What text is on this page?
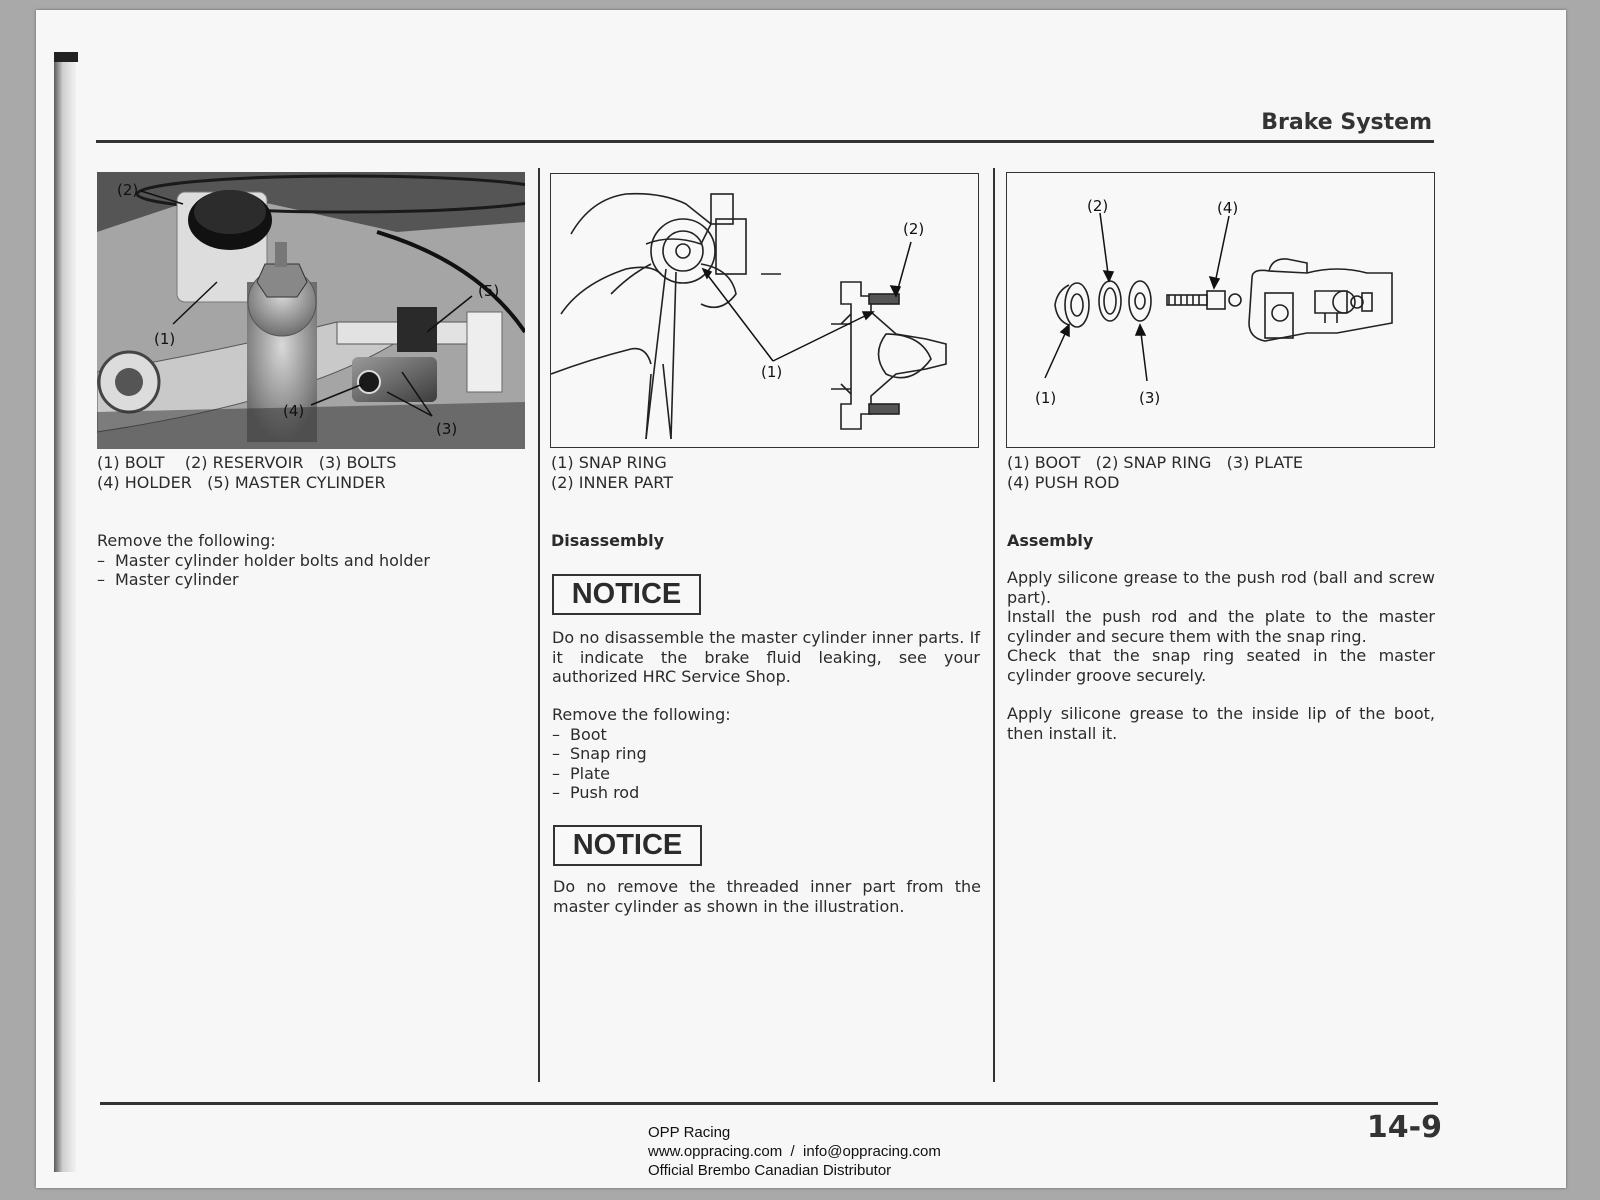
Brake System
(1)
(2)
(3)
(4)
(5)
(1) BOLT    (2) RESERVOIR   (3) BOLTS
(4) HOLDER   (5) MASTER CYLINDER

Remove the following:

– Master cylinder holder bolts and holder
– Master cylinder
(1)
(2)
(1) SNAP RING
(2) INNER PART
Disassembly
NOTICE
Do no disassemble the master cylinder inner parts. If it indicate the brake fluid leaking, see your authorized HRC Service Shop.

Remove the following:

– Boot
– Snap ring
– Plate
– Push rod
NOTICE
Do no remove the threaded inner part from the master cylinder as shown in the illustration.
(1)
(2)
(3)
(4)
(1) BOOT   (2) SNAP RING   (3) PLATE
(4) PUSH ROD
Assembly

Apply silicone grease to the push rod (ball and screw part).

Install the push rod and the plate to the master cylinder and secure them with the snap ring.

Check that the snap ring seated in the master cylinder groove securely.

Apply silicone grease to the inside lip of the boot, then install it.

14-9
OPP Racing
www.oppracing.com  /  info@oppracing.com
Official Brembo Canadian Distributor
